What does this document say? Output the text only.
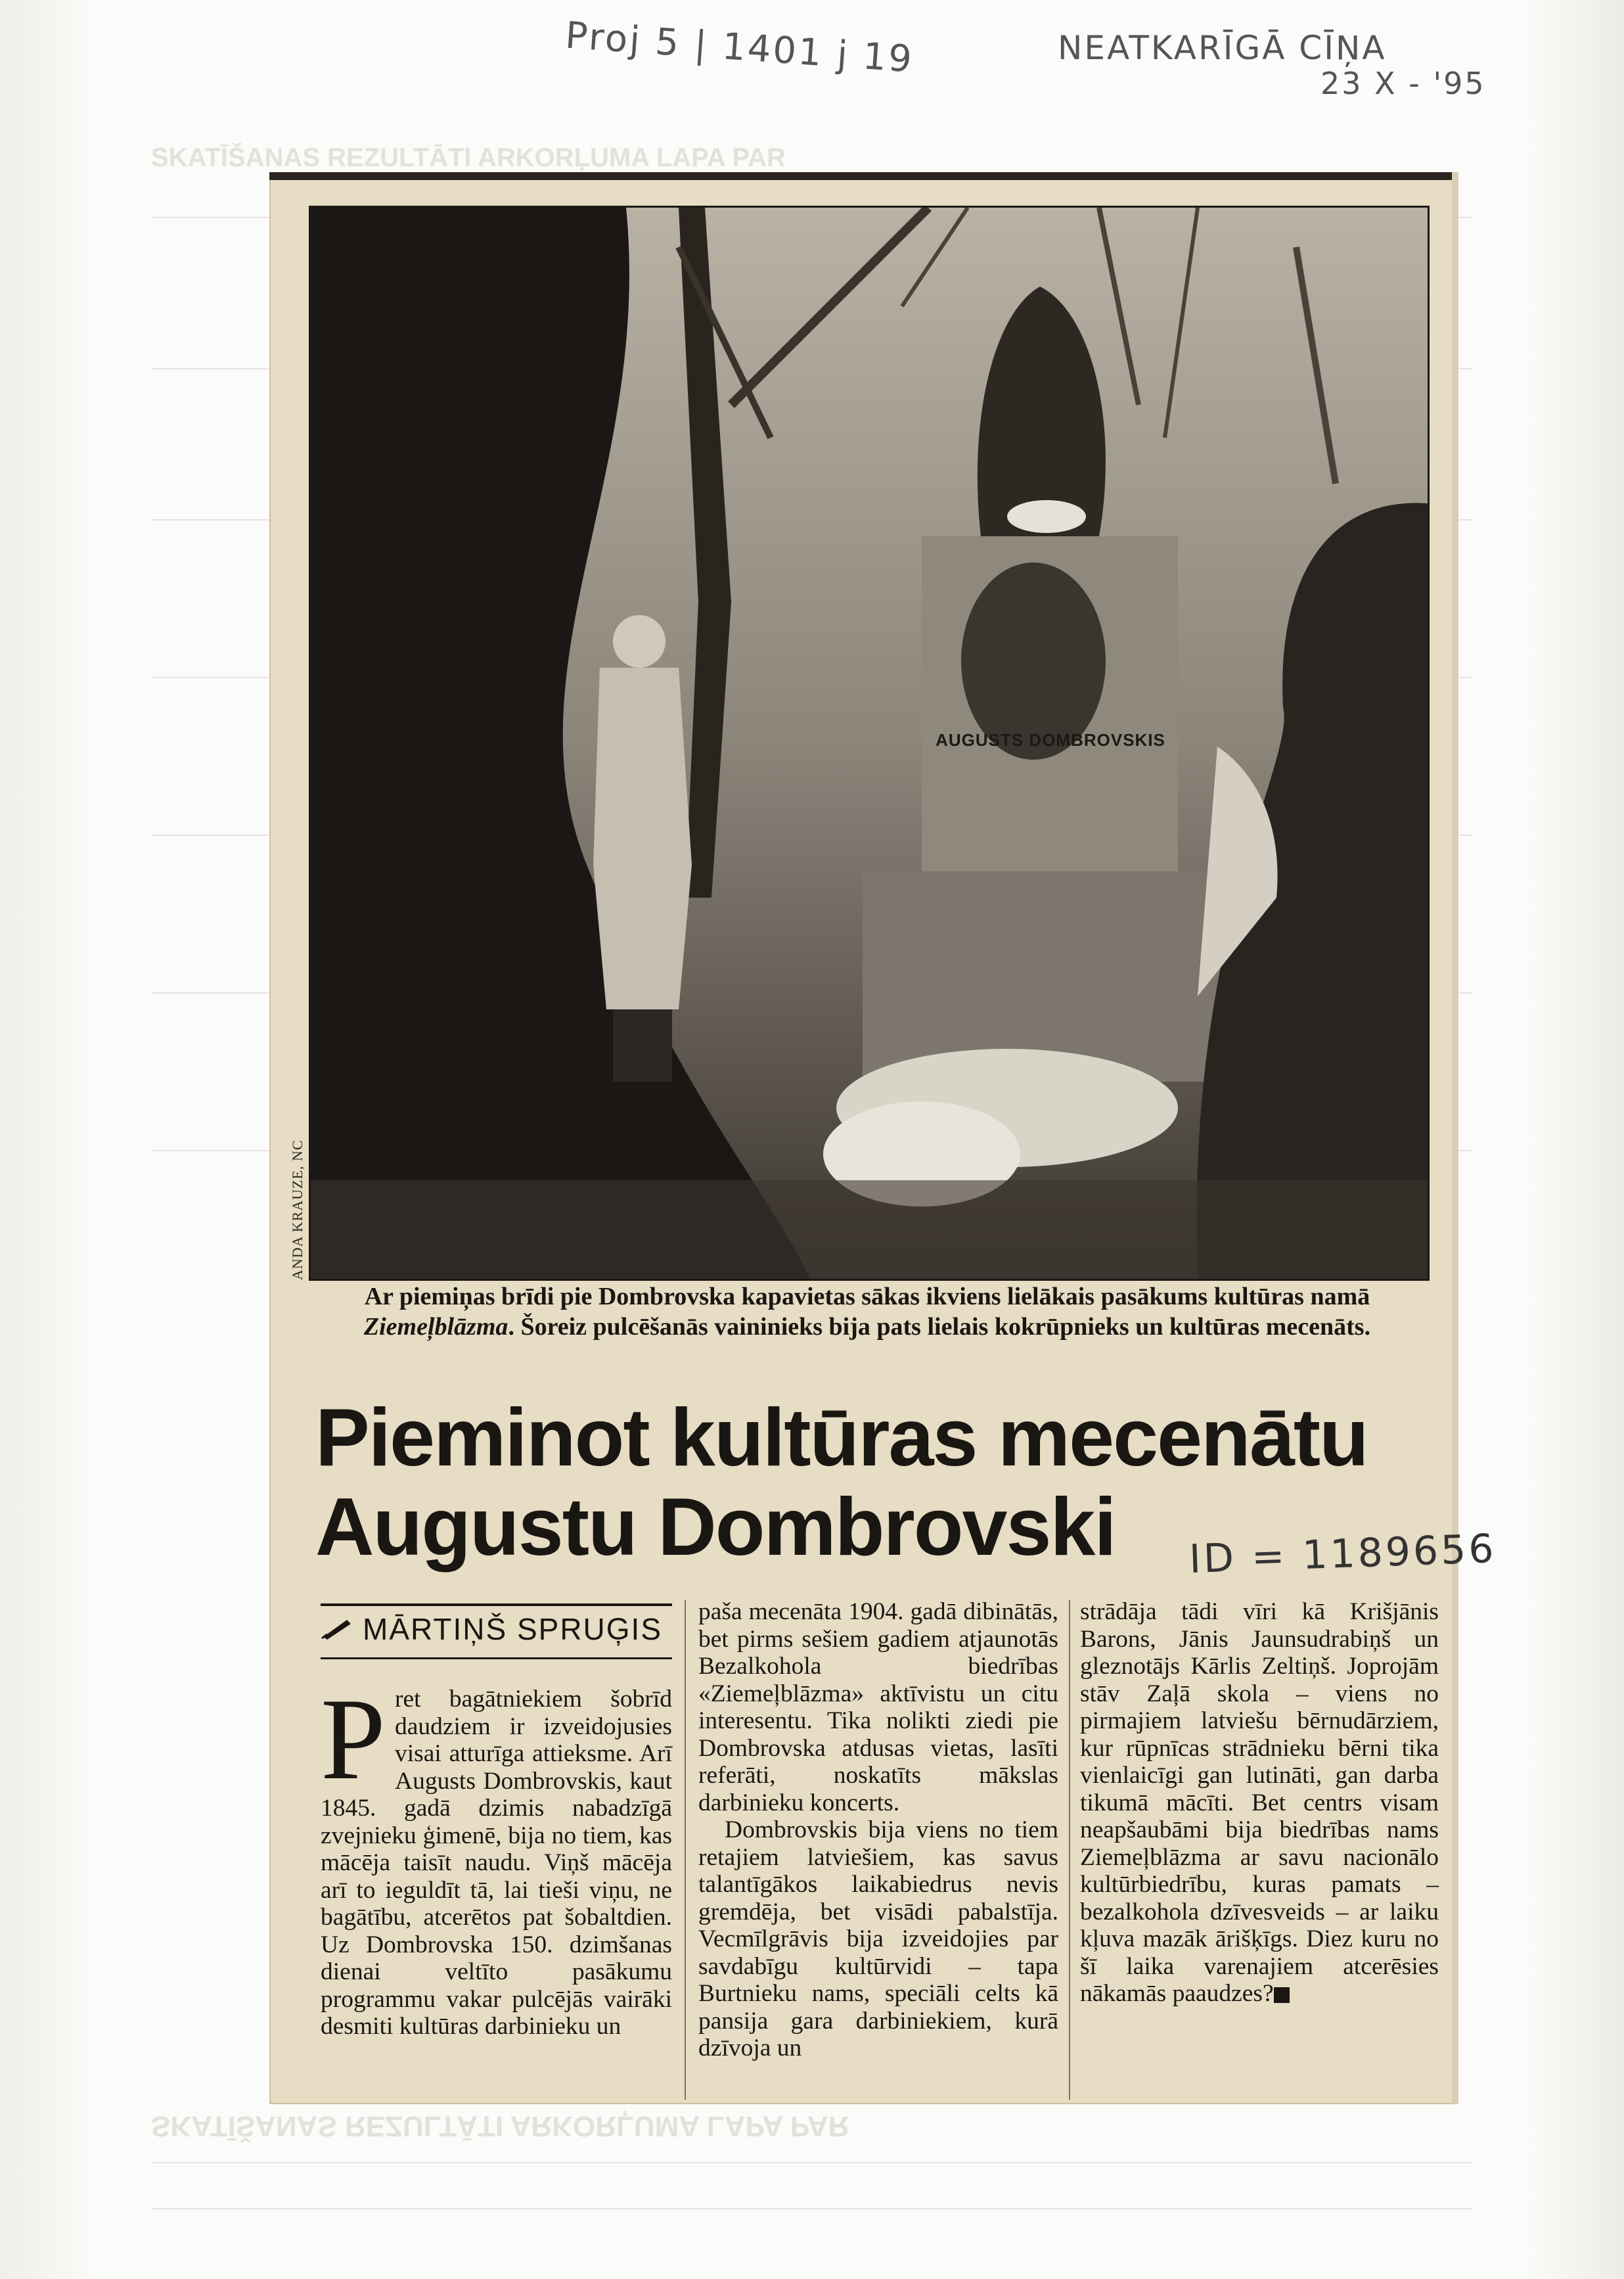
SKATĪŠANAS REZULTĀTI ARKORĻUMA LAPA PAR
SKATĪŠANAS REZULTĀTI ARKORĻUMA LAPA PAR
Proj 5 | 1401 j 19	NEATKARĪGĀ CĪŅA
23 X - '95
AUGUSTS DOMBROVSKIS
ANDA KRAUZE, NC
Ar piemiņas brīdi pie Dombrovska kapavietas sākas ikviens lielākais pasākums kultūras namā Ziemeļblāzma. Šoreiz pulcēšanās vaininieks bija pats lielais kokrūpnieks un kultūras mecenāts.
Pieminot kultūras mecenātu
Augustu Dombrovski	ID = 1189656
MĀRTIŅŠ SPRUĢIS
P ret bagātniekiem šobrīd daudziem ir izveidojusies visai atturīga attieksme. Arī Augusts Dombrovskis, kaut 1845. gadā dzimis nabadzīgā zvejnieku ģimenē, bija no tiem, kas mācēja taisīt naudu. Viņš mācēja arī to ieguldīt tā, lai tieši viņu, ne bagātību, atcerētos pat šobaltdien. Uz Dombrovska 150. dzimšanas dienai veltīto pasākumu programmu vakar pulcējās vairāki desmiti kultūras darbinieku un

paša mecenāta 1904. gadā dibinātās, bet pirms sešiem gadiem atjaunotās Bezalkohola biedrības «Ziemeļblāzma» aktīvistu un citu interesentu. Tika nolikti ziedi pie Dombrovska atdusas vietas, lasīti referāti, noskatīts mākslas darbinieku koncerts.

Dombrovskis bija viens no tiem retajiem latviešiem, kas savus talantīgākos laikabiedrus nevis gremdēja, bet visādi pabalstīja. Vecmīlgrāvis bija izveidojies par savdabīgu kultūrvidi – tapa Burtnieku nams, speciāli celts kā pansija gara darbiniekiem, kurā dzīvoja un

strādāja tādi vīri kā Krišjānis Barons, Jānis Jaunsudrabiņš un gleznotājs Kārlis Zeltiņš. Joprojām stāv Zaļā skola – viens no pirmajiem latviešu bērnudārziem, kur rūpnīcas strādnieku bērni tika vienlaicīgi gan lutināti, gan darba tikumā mācīti. Bet centrs visam neapšaubāmi bija biedrības nams Ziemeļblāzma ar savu nacionālo kultūrbiedrību, kuras pamats – bezalkohola dzīvesveids – ar laiku kļuva mazāk ārišķīgs. Diez kuru no šī laika varenajiem atcerēsies nākamās paaudzes?
